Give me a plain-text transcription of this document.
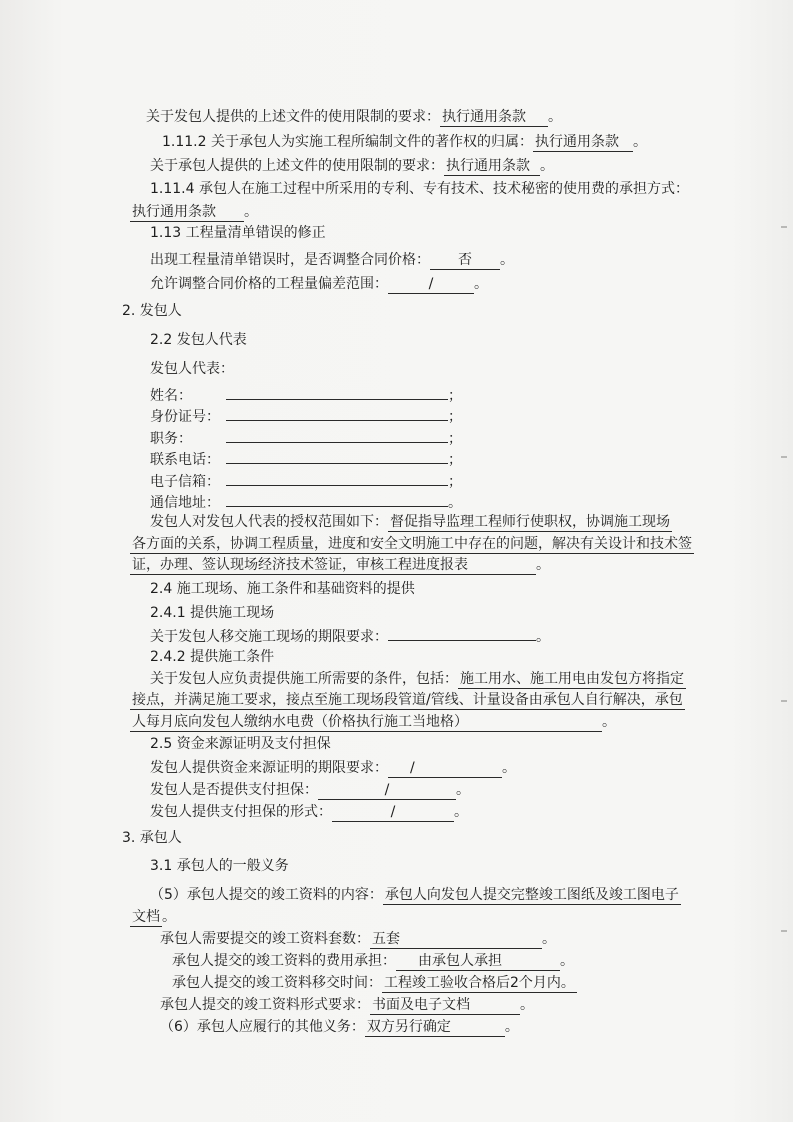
关于发包人提供的上述文件的使用限制的要求： 执行通用条款 。
1.11.2 关于承包人为实施工程所编制文件的著作权的归属： 执行通用条款 。
关于承包人提供的上述文件的使用限制的要求： 执行通用条款 。
1.11.4 承包人在施工过程中所采用的专利、专有技术、技术秘密的使用费的承担方式：
执行通用条款 。
1.13 工程量清单错误的修正
出现工程量清单错误时，是否调整合同价格： 否 。
允许调整合同价格的工程量偏差范围：	/	。
2. 发包人
2.2 发包人代表
发包人代表：
姓名：	；
身份证号：	；
职务：	；
联系电话：	；
电子信箱：	；
通信地址：	。
发包人对发包人代表的授权范围如下： 督促指导监理工程师行使职权，协调施工现场
各方面的关系，协调工程质量，进度和安全文明施工中存在的问题，解决有关设计和技术签
证，办理、签认现场经济技术签证，审核工程进度报表	。
2.4 施工现场、施工条件和基础资料的提供
2.4.1 提供施工现场
关于发包人移交施工现场的期限要求：	。
2.4.2 提供施工条件
关于发包人应负责提供施工所需要的条件，包括： 施工用水、施工用电由发包方将指定
接点，并满足施工要求，接点至施工现场段管道/管线、计量设备由承包人自行解决，承包
人每月底向发包人缴纳水电费（价格执行施工当地格）	。
2.5 资金来源证明及支付担保
发包人提供资金来源证明的期限要求： /	。
发包人是否提供支付担保：	/	。
发包人提供支付担保的形式：	/	。
3. 承包人
3.1 承包人的一般义务
（5）承包人提交的竣工资料的内容： 承包人向发包人提交完整竣工图纸及竣工图电子
文档 。
承包人需要提交的竣工资料套数： 五套	。
承包人提交的竣工资料的费用承担： 由承包人承担	。
承包人提交的竣工资料移交时间： 工程竣工验收合格后2个月内。
承包人提交的竣工资料形式要求： 书面及电子文档	。
（6）承包人应履行的其他义务： 双方另行确定	。
